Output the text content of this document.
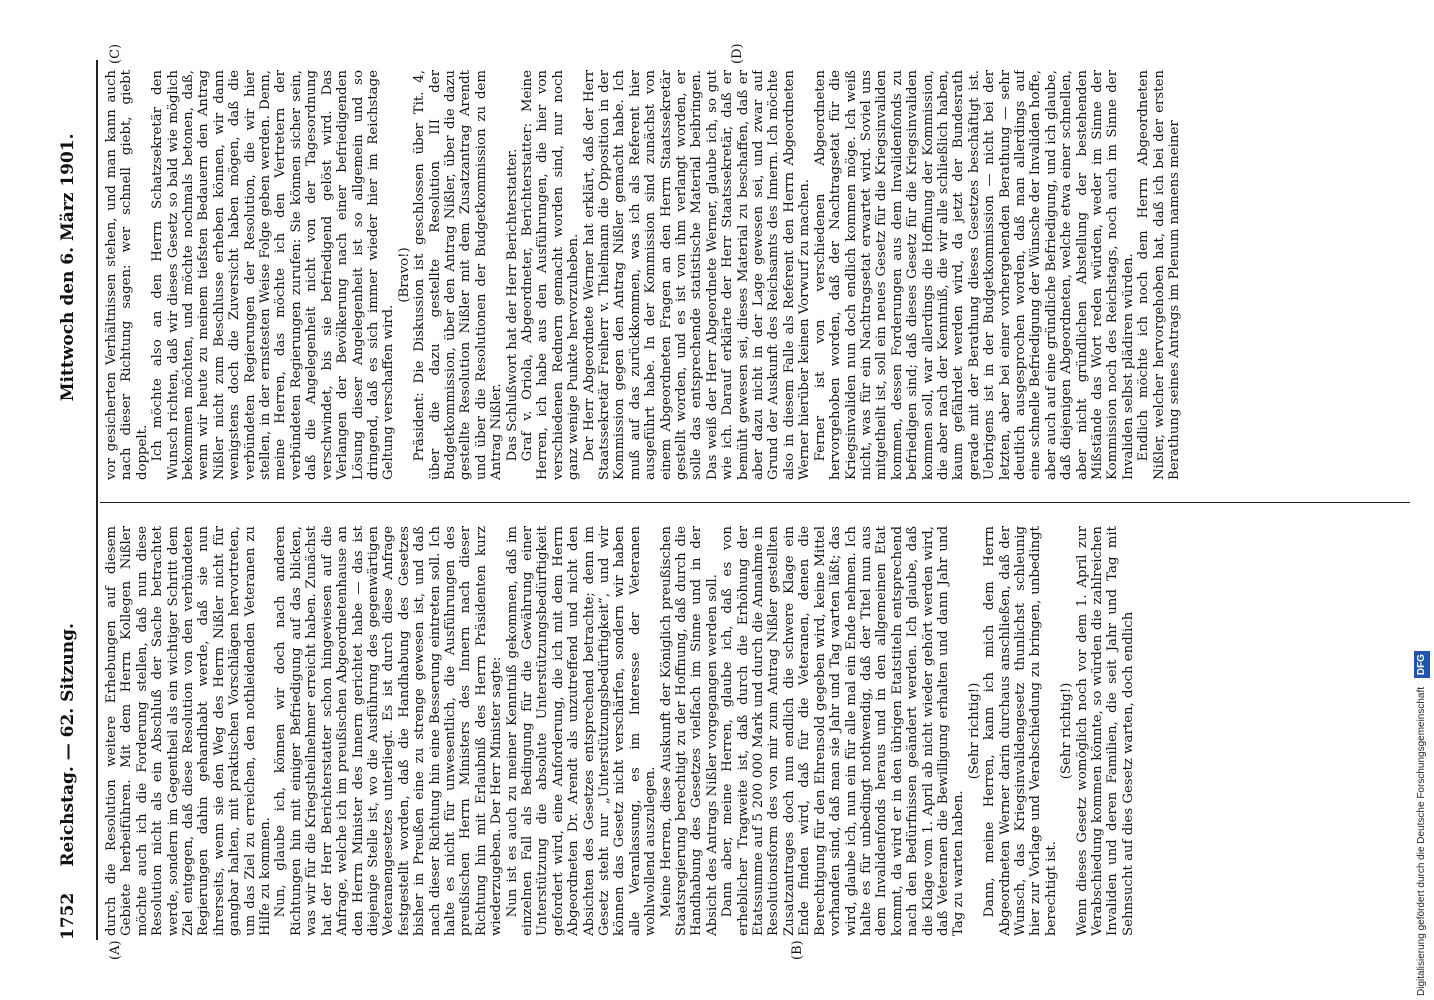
1752
Reichstag. — 62. Sitzung.  Mittwoch den 6. März 1901.
(A)	(B)
(C)	(D)

durch die Resolution weitere Erhebungen auf diesem Gebiete herbeiführen. Mit dem Herrn Kollegen Nißler möchte auch ich die Forderung stellen, daß nun diese Resolution nicht als ein Abschluß der Sache betrachtet werde, sondern im Gegentheil als ein wichtiger Schritt dem Ziel entgegen, daß diese Resolution von den verbündeten Regierungen dahin gehandhabt werde, daß sie nun ihrerseits, wenn sie den Weg des Herrn Nißler nicht für gangbar halten, mit praktischen Vorschlägen hervortreten, um das Ziel zu erreichen, den nothleidenden Veteranen zu Hilfe zu kommen. Nun, glaube ich, können wir doch nach anderen Richtungen hin mit einiger Befriedigung auf das blicken, was wir für die Kriegstheilnehmer erreicht haben. Zunächst hat der Herr Berichterstatter schon hingewiesen auf die Anfrage, welche ich im preußischen Abgeordnetenhause an den Herrn Minister des Innern gerichtet habe — das ist diejenige Stelle ist, wo die Ausführung des gegenwärtigen Veteranengesetzes unterliegt. Es ist durch diese Anfrage festgestellt worden, daß die Handhabung des Gesetzes bisher in Preußen eine zu strenge gewesen ist, und daß nach dieser Richtung hin eine Besserung eintreten soll. Ich halte es nicht für unwesentlich, die Ausführungen des preußischen Herrn Ministers des Innern nach dieser Richtung hin mit Erlaubniß des Herrn Präsidenten kurz wiederzugeben. Der Herr Minister sagte: Nun ist es auch zu meiner Kenntniß gekommen, daß im einzelnen Fall als Bedingung für die Gewährung einer Unterstützung die absolute Unterstützungsbedürftigkeit gefordert wird, eine Anforderung, die ich mit dem Herrn Abgeordneten Dr. Arendt als unzutreffend und nicht den Absichten des Gesetzes entsprechend betrachte; denn im Gesetz steht nur „Unterstützungsbedürftigkeit“, und wir können das Gesetz nicht verschärfen, sondern wir haben alle Veranlassung, es im Interesse der Veteranen wohlwollend auszulegen. Meine Herren, diese Auskunft der Königlich preußischen Staatsregierung berechtigt zu der Hoffnung, daß durch die Handhabung des Gesetzes vielfach im Sinne und in der Absicht des Antrags Nißler vorgegangen werden soll. Dann aber, meine Herren, glaube ich, daß es von erheblicher Tragweite ist, daß durch die Erhöhung der Etatssumme auf 5 200 000 Mark und durch die Annahme in Resolutionsform des von mir zum Antrag Nißler gestellten Zusatzantrages doch nun endlich die schwere Klage ein Ende finden wird, daß für die Veteranen, denen die Berechtigung für den Ehrensold gegeben wird, keine Mittel vorhanden sind, daß man sie Jahr und Tag warten läßt; das wird, glaube ich, nun ein für alle mal ein Ende nehmen. Ich halte es für unbedingt nothwendig, daß der Titel nun aus dem Invalidenfonds heraus und in den allgemeinen Etat kommt, da wird er in den übrigen Etatstiteln entsprechend nach den Bedürfnissen geändert werden. Ich glaube, daß die Klage vom 1. April ab nicht wieder gehört werden wird, daß Veteranen die Bewilligung erhalten und dann Jahr und Tag zu warten haben.

(Sehr richtig!) Dann, meine Herren, kann ich mich dem Herrn Abgeordneten Werner darin durchaus anschließen, daß der Wunsch, das Kriegsinvalidengesetz thunlichst schleunig hier zur Vorlage und Verabschiedung zu bringen, unbedingt berechtigt ist.

(Sehr richtig!) Wenn dieses Gesetz womöglich noch vor dem 1. April zur Verabschiedung kommen könnte, so würden die zahlreichen Invaliden und deren Familien, die seit Jahr und Tag mit Sehnsucht auf dies Gesetz warten, doch endlich

vor gesicherten Verhältnissen stehen, und man kann auch nach dieser Richtung sagen: wer schnell giebt, giebt doppelt. Ich möchte also an den Herrn Schatzsekretär den Wunsch richten, daß wir dieses Gesetz so bald wie möglich bekommen möchten, und möchte nochmals betonen, daß, wenn wir heute zu meinem tiefsten Bedauern den Antrag Nißler nicht zum Beschlusse erheben können, wir dann wenigstens doch die Zuversicht haben mögen, daß die verbündeten Regierungen der Resolution, die wir hier stellen, in der ernstesten Weise Folge geben werden. Denn, meine Herren, das möchte ich den Vertretern der verbündeten Regierungen zurufen: Sie können sicher sein, daß die Angelegenheit nicht von der Tagesordnung verschwindet, bis sie befriedigend gelöst wird. Das Verlangen der Bevölkerung nach einer befriedigenden Lösung dieser Angelegenheit ist so allgemein und so dringend, daß es sich immer wieder hier im Reichstage Geltung verschaffen wird.

(Bravo!) Präsident: Die Diskussion ist geschlossen über Tit. 4, über die dazu gestellte Resolution III der Budgetkommission, über den Antrag Nißler, über die dazu gestellte Resolution Nißler mit dem Zusatzantrag Arendt und über die Resolutionen der Budgetkommission zu dem Antrag Nißler. Das Schlußwort hat der Herr Berichterstatter. Graf v. Oriola, Abgeordneter, Berichterstatter: Meine Herren, ich habe aus den Ausführungen, die hier von verschiedenen Rednern gemacht worden sind, nur noch ganz wenige Punkte hervorzuheben. Der Herr Abgeordnete Werner hat erklärt, daß der Herr Staatssekretär Freiherr v. Thielmann die Opposition in der Kommission gegen den Antrag Nißler gemacht habe. Ich muß auf das zurückkommen, was ich als Referent hier ausgeführt habe. In der Kommission sind zunächst von einem Abgeordneten Fragen an den Herrn Staatssekretär gestellt worden, und es ist von ihm verlangt worden, er solle das entsprechende statistische Material beibringen. Das weiß der Herr Abgeordnete Werner, glaube ich, so gut wie ich. Darauf erklärte der Herr Staatssekretär, daß er bemüht gewesen sei, dieses Material zu beschaffen, daß er aber dazu nicht in der Lage gewesen sei, und zwar auf Grund der Auskunft des Reichsamts des Innern. Ich möchte also in diesem Falle als Referent den Herrn Abgeordneten Werner hierüber keinen Vorwurf zu machen. Ferner ist von verschiedenen Abgeordneten hervorgehoben worden, daß der Nachtragsetat für die Kriegsinvaliden nun doch endlich kommen möge. Ich weiß nicht, was für ein Nachtragsetat erwartet wird. Soviel uns mitgetheilt ist, soll ein neues Gesetz für die Kriegsinvaliden kommen, dessen Forderungen aus dem Invalidenfonds zu befriedigen sind; daß dieses Gesetz für die Kriegsinvaliden kommen soll, war allerdings die Hoffnung der Kommission, die aber nach der Kenntniß, die wir alle schließlich haben, kaum gefährdet werden wird, da jetzt der Bundesrath gerade mit der Berathung dieses Gesetzes beschäftigt ist. Uebrigens ist in der Budgetkommission — nicht bei der letzten, aber bei einer vorhergehenden Berathung — sehr deutlich ausgesprochen worden, daß man allerdings auf eine schnelle Befriedigung der Wünsche der Invaliden hoffe, aber auch auf eine gründliche Befriedigung, und ich glaube, daß diejenigen Abgeordneten, welche etwa einer schnellen, aber nicht gründlichen Abstellung der bestehenden Mißstände das Wort reden würden, weder im Sinne der Kommission noch des Reichstags, noch auch im Sinne der Invaliden selbst plädiren würden. Endlich möchte ich noch dem Herrn Abgeordneten Nißler, welcher hervorgehoben hat, daß ich bei der ersten Berathung seines Antrags im Plenum namens meiner

Digitalisierung gefördert durch die Deutsche Forschungsgemeinschaft DFG
